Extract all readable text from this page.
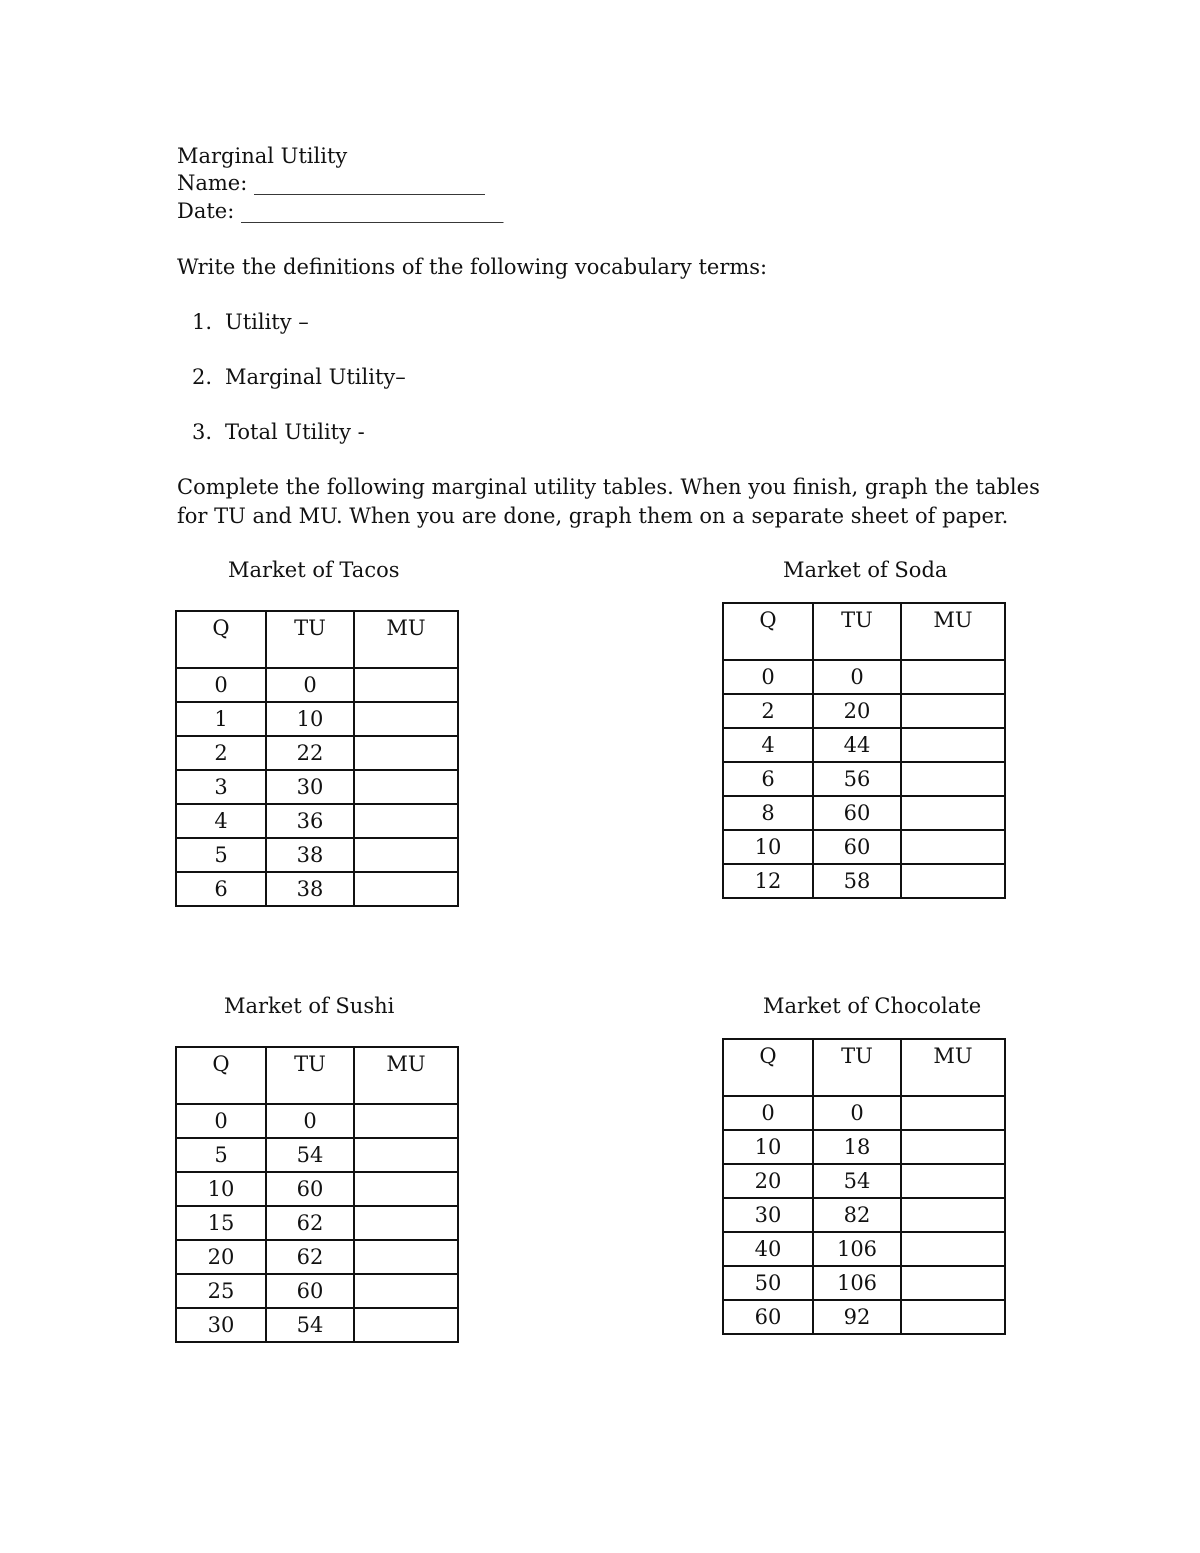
Marginal Utility
Name: ______________________
Date: _________________________
Write the definitions of the following vocabulary terms:
1. Utility –
2. Marginal Utility–
3. Total Utility -
Complete the following marginal utility tables. When you finish, graph the tables for TU and MU. When you are done, graph them on a separate sheet of paper.
Market of Tacos	Market of Soda
Market of Sushi	Market of Chocolate
Q	TU	MU
0	0	
1	10	
2	22	
3	30	
4	36	
5	38	
6	38	
Q	TU	MU
0	0	
2	20	
4	44	
6	56	
8	60	
10	60	
12	58	
Q	TU	MU
0	0	
5	54	
10	60	
15	62	
20	62	
25	60	
30	54	
Q	TU	MU
0	0	
10	18	
20	54	
30	82	
40	106	
50	106	
60	92	
